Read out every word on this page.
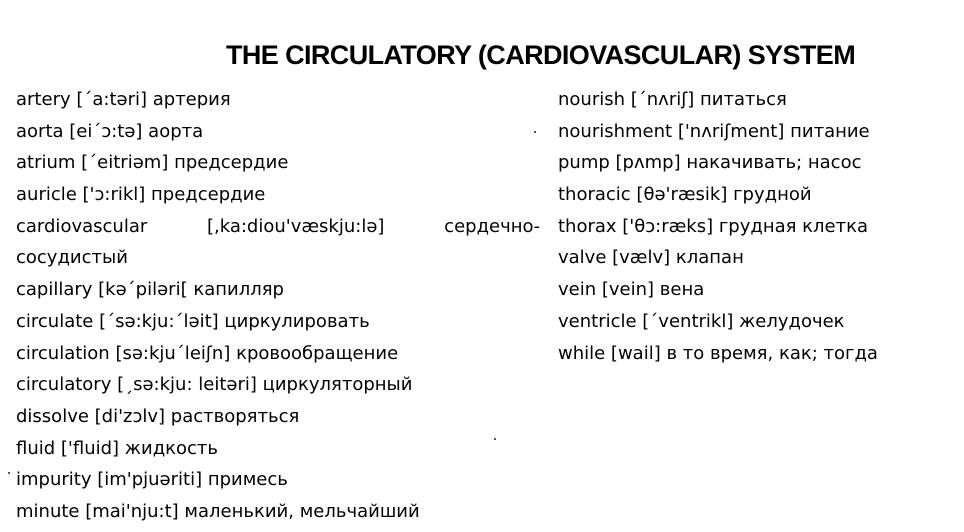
THE CIRCULATORY (CARDIOVASCULAR) SYSTEM
artery [´a:təri] артерия
aorta [ei´ɔ:tə] аорта
atrium [´eitriəm] предсердие
auricle ['ɔ:rikl] предсердие
cardiovascular	[,ka:diou'væskju:lə]	сердечно-
сосудистый
capillary [kə´piləri[ капилляр
circulate [´sə:kju:´ləit] циркулировать
circulation [sə:kju´leiʃn] кровообращение
circulatory [ˏsə:kju: leitəri] циркуляторный
dissolve [di'zɔlv] растворяться
fluid ['fluid] жидкость
impurity [im'pjuəriti] примесь
minute [mai'nju:t] маленький, мельчайший
nourish [´nʌriʃ] питаться
nourishment ['nʌriʃment] питание
pump [pʌmp] накачивать; насос
thoracic [θə'ræsik] грудной
thorax ['θɔ:ræks] грудная клетка
valve [vælv] клапан
vein [vein] вена
ventricle [´ventrikl] желудочек
while [wail] в то время, как; тогда
